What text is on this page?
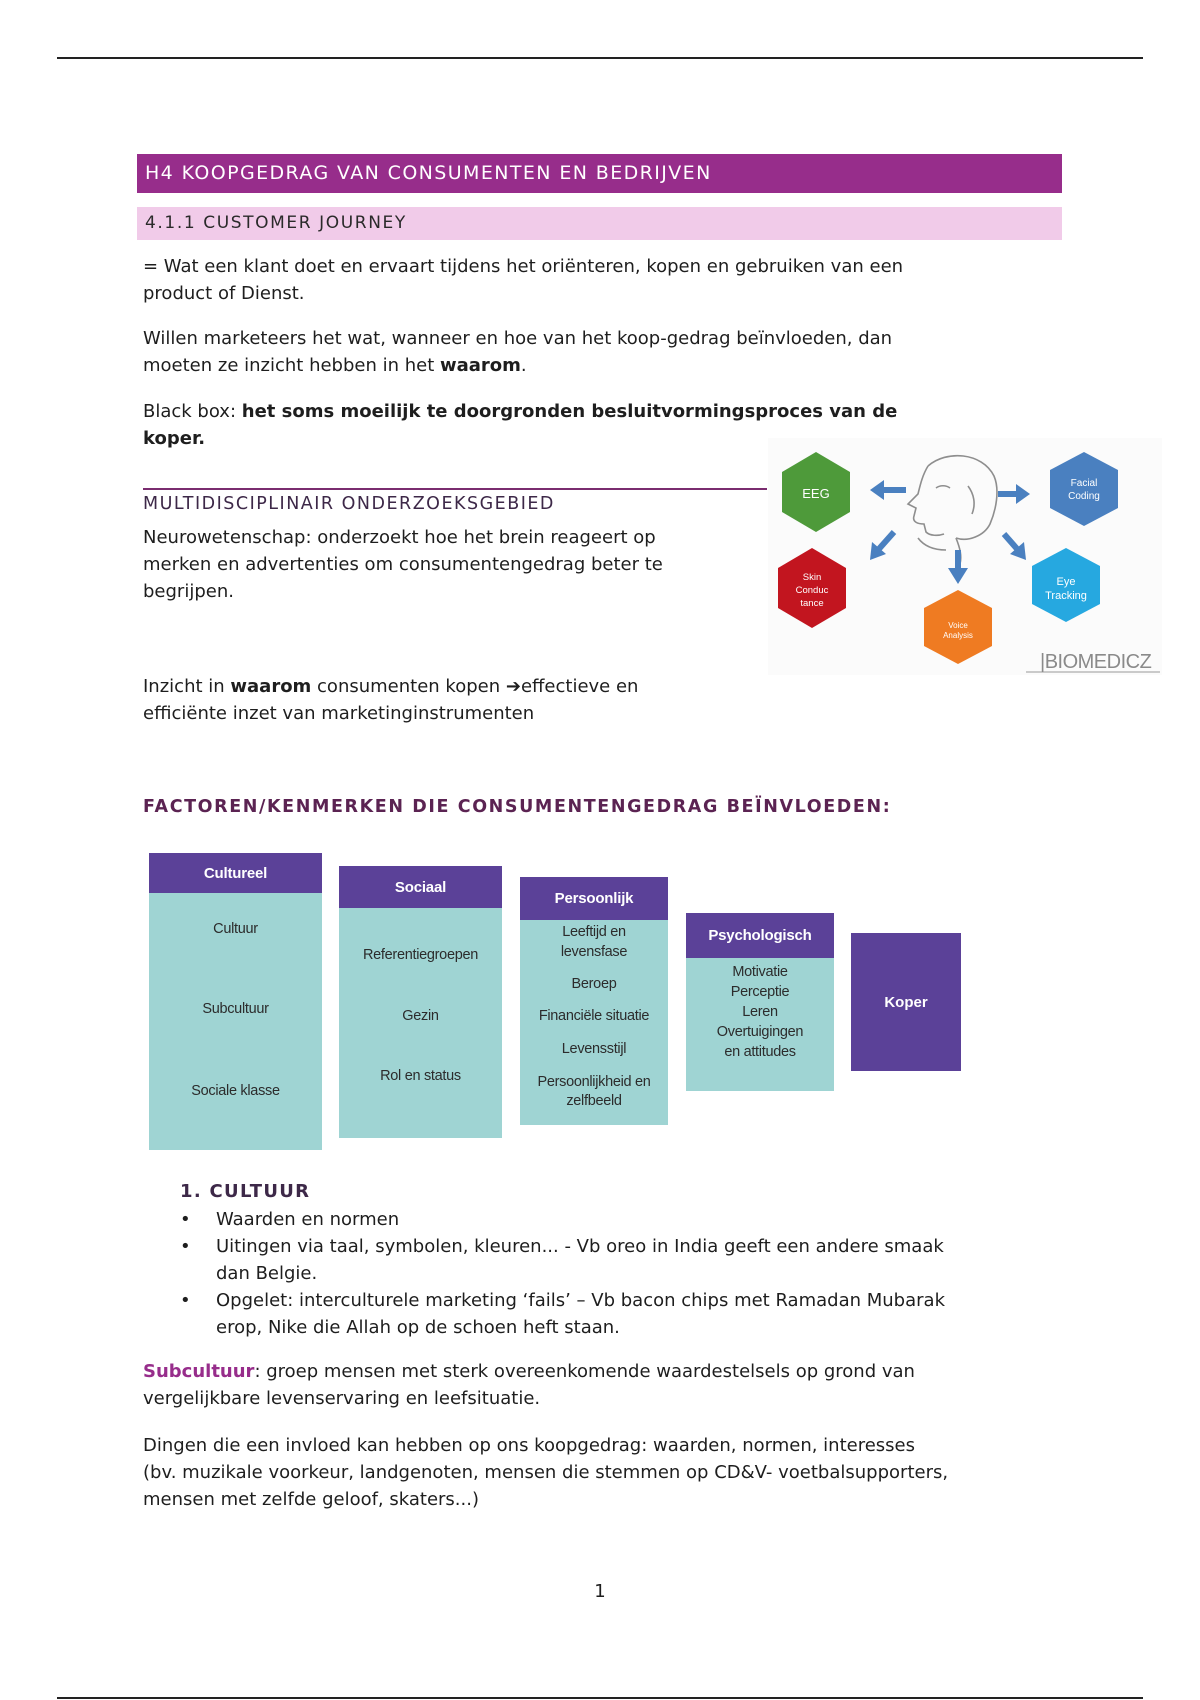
H4 KOOPGEDRAG VAN CONSUMENTEN EN BEDRIJVEN
4.1.1 CUSTOMER JOURNEY

= Wat een klant doet en ervaart tijdens het oriënteren, kopen en gebruiken van een
product of Dienst.

Willen marketeers het wat, wanneer en hoe van het koop-gedrag beïnvloeden, dan
moeten ze inzicht hebben in het waarom.

Black box: het soms moeilijk te doorgronden besluitvormingsproces van de
koper.

MULTIDISCIPLINAIR ONDERZOEKSGEBIED

Neurowetenschap: onderzoekt hoe het brein reageert op
merken en advertenties om consumentengedrag beter te
begrijpen.

Inzicht in waarom consumenten kopen ➔effectieve en
efficiënte inzet van marketinginstrumenten

EEG
Facial
Coding
Skin
Conduc
tance
Eye
Tracking
Voice
Analysis
|BIOMEDICZ
FACTOREN/KENMERKEN DIE CONSUMENTENGEDRAG BEÏNVLOEDEN:
Cultureel
Cultuur
Subcultuur
Sociale klasse
Sociaal
Referentiegroepen
Gezin
Rol en status
Persoonlijk
Leeftijd en
levensfase
Beroep
Financiële situatie
Levensstijl
Persoonlijkheid en
zelfbeeld
Psychologisch
Motivatie
Perceptie
Leren
Overtuigingen
en attitudes
Koper
1. CULTUUR
• Waarden en normen
• Uitingen via taal, symbolen, kleuren... - Vb oreo in India geeft een andere smaak
dan Belgie.
• Opgelet: interculturele marketing ‘fails’ – Vb bacon chips met Ramadan Mubarak
erop, Nike die Allah op de schoen heft staan.

Subcultuur: groep mensen met sterk overeenkomende waardestelsels op grond van
vergelijkbare levenservaring en leefsituatie.

Dingen die een invloed kan hebben op ons koopgedrag: waarden, normen, interesses
(bv. muzikale voorkeur, landgenoten, mensen die stemmen op CD&V- voetbalsupporters,
mensen met zelfde geloof, skaters...)

1
